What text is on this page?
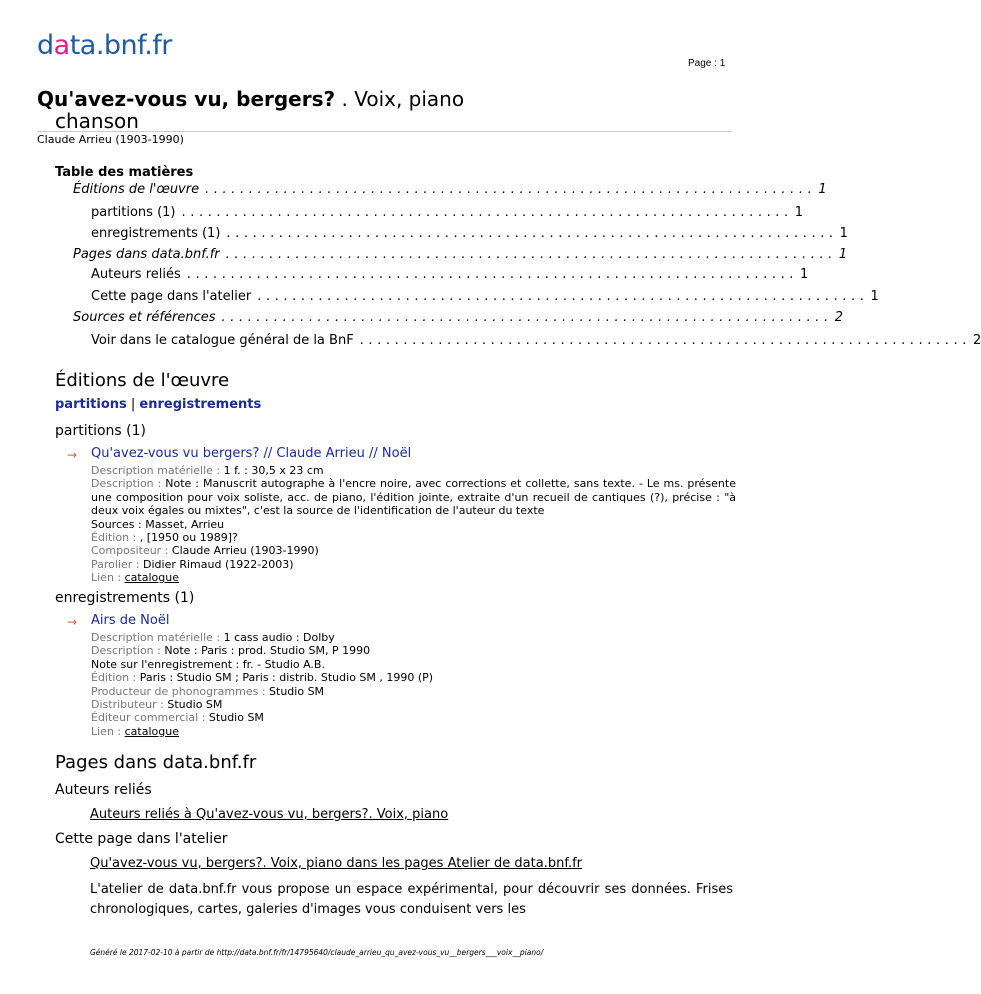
data.bnf.fr
Page : 1
Qu'avez-vous vu, bergers? . Voix, piano
chanson
Claude Arrieu (1903-1990)
Table des matières
Éditions de l'œuvre ...................................................................... 1
partitions (1) ...................................................................... 1
enregistrements (1) ...................................................................... 1
Pages dans data.bnf.fr ...................................................................... 1
Auteurs reliés ...................................................................... 1
Cette page dans l'atelier ...................................................................... 1
Sources et références ...................................................................... 2
Voir dans le catalogue général de la BnF ...................................................................... 2
Éditions de l'œuvre
partitions | enregistrements
partitions (1)
→ Qu'avez-vous vu bergers? // Claude Arrieu // Noël
Description matérielle : 1 f. : 30,5 x 23 cm
Description : Note : Manuscrit autographe à l'encre noire, avec corrections et collette, sans texte. - Le ms. présente une composition pour voix soliste, acc. de piano, l'édition jointe, extraite d'un recueil de cantiques (?), précise : "à deux voix égales ou mixtes", c'est la source de l'identification de l'auteur du texte
Sources : Masset, Arrieu
Édition : , [1950 ou 1989]?
Compositeur : Claude Arrieu (1903-1990)
Parolier : Didier Rimaud (1922-2003)
Lien : catalogue
enregistrements (1)
→ Airs de Noël
Description matérielle : 1 cass audio : Dolby
Description : Note : Paris : prod. Studio SM, P 1990
Note sur l'enregistrement : fr. - Studio A.B.
Édition : Paris : Studio SM ; Paris : distrib. Studio SM , 1990 (P)
Producteur de phonogrammes : Studio SM
Distributeur : Studio SM
Éditeur commercial : Studio SM
Lien : catalogue
Pages dans data.bnf.fr
Auteurs reliés
Auteurs reliés à Qu'avez-vous vu, bergers?. Voix, piano
Cette page dans l'atelier
Qu'avez-vous vu, bergers?. Voix, piano dans les pages Atelier de data.bnf.fr
L'atelier de data.bnf.fr vous propose un espace expérimental, pour découvrir ses données. Frises chronologiques, cartes, galeries d'images vous conduisent vers les
Généré le 2017-02-10 à partir de http://data.bnf.fr/fr/14795640/claude_arrieu_qu_avez-vous_vu__bergers___voix__piano/
